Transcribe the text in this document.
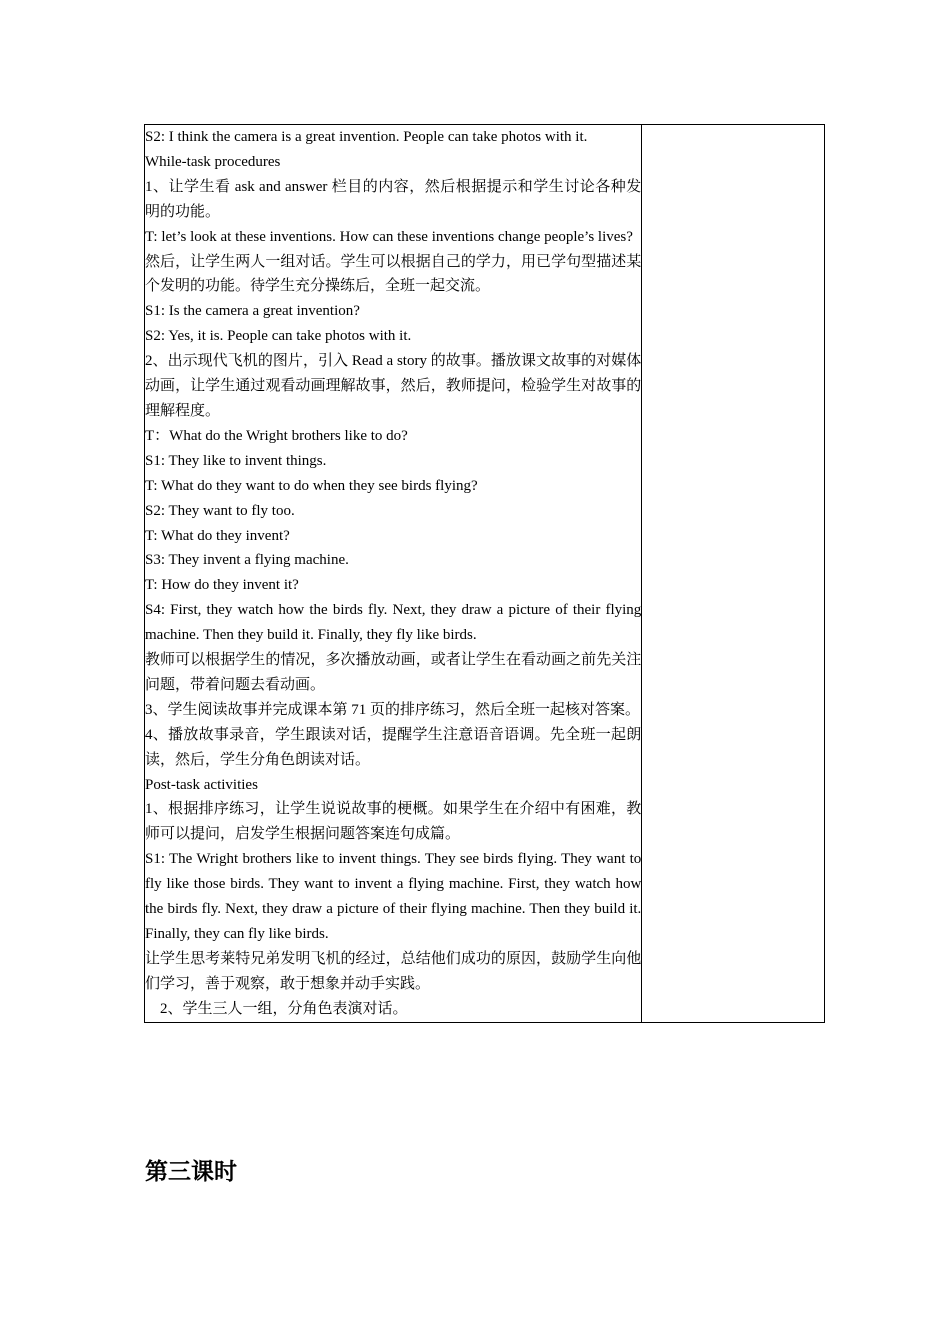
S2: I think the camera is a great invention. People can take photos with it.

While-task procedures

1、让学生看 ask and answer 栏目的内容，然后根据提示和学生讨论各种发明的功能。

T: let’s look at these inventions. How can these inventions change people’s lives?

然后，让学生两人一组对话。学生可以根据自己的学力，用已学句型描述某个发明的功能。待学生充分操练后，全班一起交流。

S1: Is the camera a great invention?

S2: Yes, it is. People can take photos with it.

2、出示现代飞机的图片，引入 Read a story 的故事。播放课文故事的对媒体动画，让学生通过观看动画理解故事，然后，教师提问，检验学生对故事的理解程度。

T：What do the Wright brothers like to do?

S1: They like to invent things.

T: What do they want to do when they see birds flying?

S2: They want to fly too.

T: What do they invent?

S3: They invent a flying machine.

T: How do they invent it?

S4: First, they watch how the birds fly. Next, they draw a picture of their flying machine. Then they build it. Finally, they fly like birds.

教师可以根据学生的情况，多次播放动画，或者让学生在看动画之前先关注问题，带着问题去看动画。

3、学生阅读故事并完成课本第 71 页的排序练习，然后全班一起核对答案。

4、播放故事录音，学生跟读对话，提醒学生注意语音语调。先全班一起朗读，然后，学生分角色朗读对话。

Post-task activities

1、根据排序练习，让学生说说故事的梗概。如果学生在介绍中有困难，教师可以提问，启发学生根据问题答案连句成篇。

S1: The Wright brothers like to invent things. They see birds flying. They want to fly like those birds. They want to invent a flying machine. First, they watch how the birds fly. Next, they draw a picture of their flying machine. Then they build it. Finally, they can fly like birds.

让学生思考莱特兄弟发明飞机的经过，总结他们成功的原因，鼓励学生向他们学习，善于观察，敢于想象并动手实践。

2、学生三人一组，分角色表演对话。

第三课时
